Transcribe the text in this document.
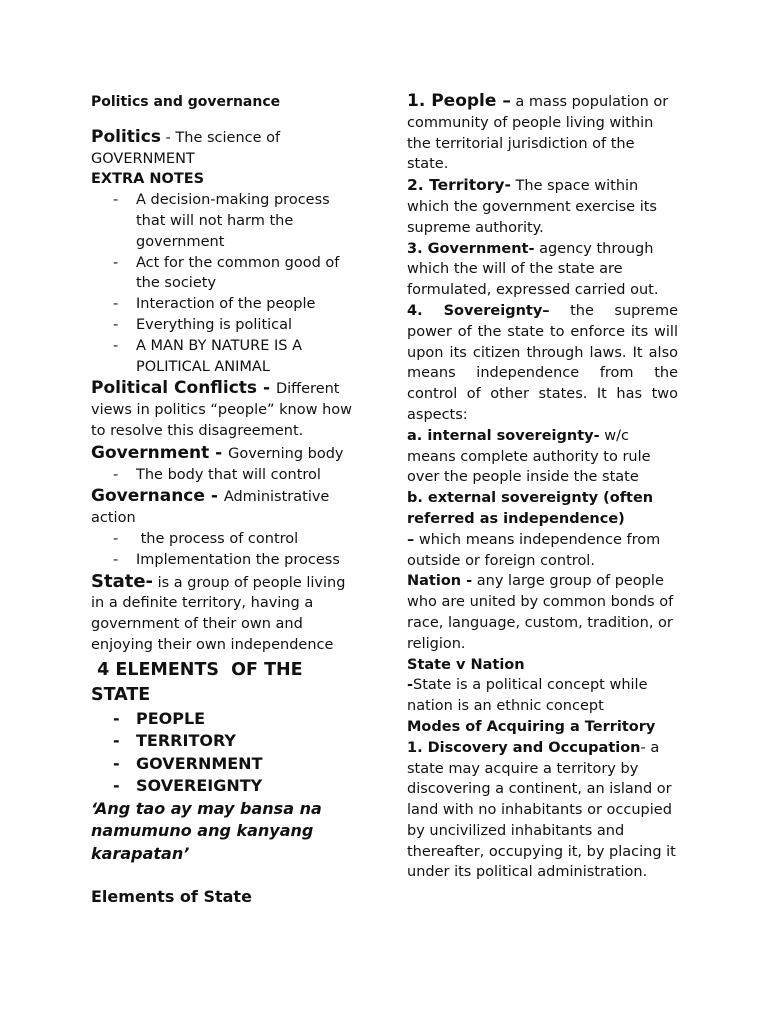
Politics and governance

Politics - The science of GOVERNMENT

EXTRA NOTES

- A decision-making process that will not harm the government
- Act for the common good of the society
- Interaction of the people
- Everything is political
- A MAN BY NATURE IS A POLITICAL ANIMAL

Political Conflicts - Different views in politics “people” know how to resolve this disagreement.

Government - Governing body

- The body that will control

Governance - Administrative action

-  the process of control
- Implementation the process

State- is a group of people living in a definite territory, having a government of their own and enjoying their own independence

4 ELEMENTS  OF THE STATE

- PEOPLE
- TERRITORY
- GOVERNMENT
- SOVEREIGNTY

‘Ang tao ay may bansa na namumuno ang kanyang karapatan’

Elements of State

1. People – a mass population or community of people living within the territorial jurisdiction of the state.

2. Territory- The space within which the government exercise its supreme authority.

3. Government- agency through which the will of the state are formulated, expressed carried out.

4. Sovereignty– the supreme power of the state to enforce its will upon its citizen through laws. It also means independence from the control of other states. It has two aspects:

a. internal sovereignty- w/c means complete authority to rule over the people inside the state

b. external sovereignty (often referred as independence)

– which means independence from outside or foreign control.

Nation - any large group of people who are united by common bonds of race, language, custom, tradition, or religion.

State v Nation

-State is a political concept while nation is an ethnic concept

Modes of Acquiring a Territory

1. Discovery and Occupation- a state may acquire a territory by discovering a continent, an island or land with no inhabitants or occupied by uncivilized inhabitants and thereafter, occupying it, by placing it under its political administration.
